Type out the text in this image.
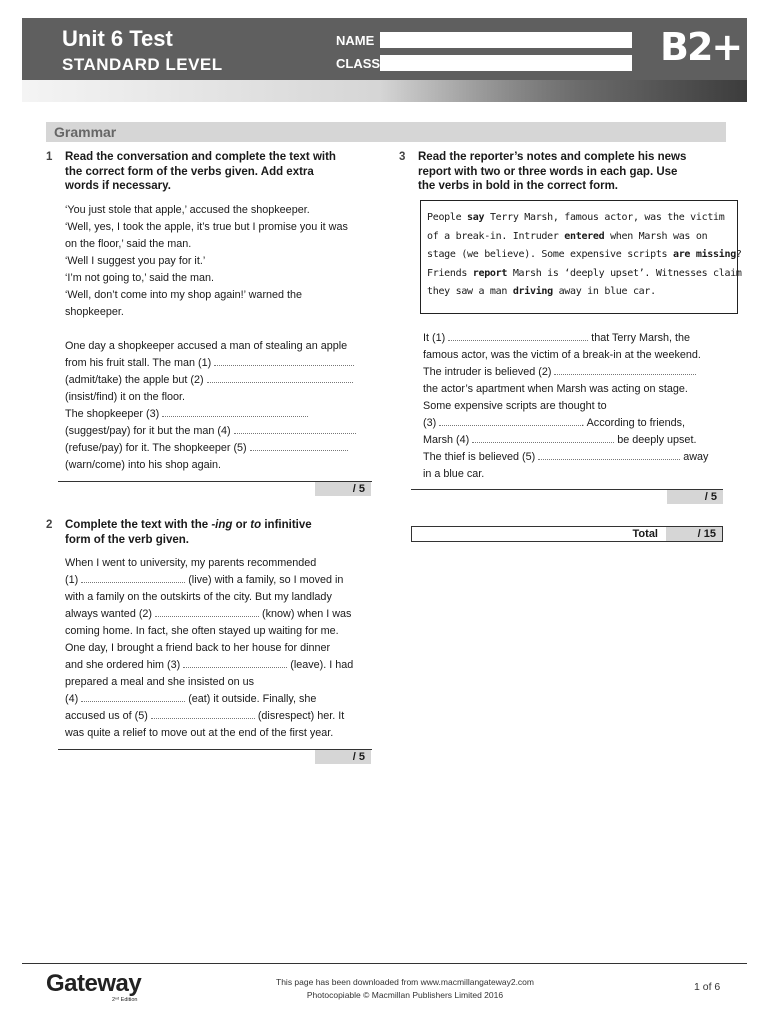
Unit 6 Test
STANDARD LEVEL
NAME
CLASS	B2+
Grammar
1 Read the conversation and complete the text with

the correct form of the verbs given. Add extra

words if necessary.

‘You just stole that apple,’ accused the shopkeeper.

‘Well, yes, I took the apple, it’s true but I promise you it was

on the floor,’ said the man.

‘Well I suggest you pay for it.’

‘I’m not going to,’ said the man.

‘Well, don’t come into my shop again!’ warned the

shopkeeper.

One day a shopkeeper accused a man of stealing an apple

from his fruit stall. The man (1)

(admit/take) the apple but (2)

(insist/find) it on the floor.

The shopkeeper (3)

(suggest/pay) for it but the man (4)

(refuse/pay) for it. The shopkeeper (5)

(warn/come) into his shop again.

/ 5
2 Complete the text with the -ing or to infinitive

form of the verb given.

When I went to university, my parents recommended

(1)	(live) with a family, so I moved in

with a family on the outskirts of the city. But my landlady

always wanted (2)	(know) when I was

coming home. In fact, she often stayed up waiting for me.

One day, I brought a friend back to her house for dinner

and she ordered him (3)	(leave). I had

prepared a meal and she insisted on us

(4)	(eat) it outside. Finally, she

accused us of (5)	(disrespect) her. It

was quite a relief to move out at the end of the first year.

/ 5
3 Read the reporter’s notes and complete his news

report with two or three words in each gap. Use

the verbs in bold in the correct form.

People say Terry Marsh, famous actor, was the victim

of a break-in. Intruder entered when Marsh was on

stage (we believe). Some expensive scripts are missing?

Friends report Marsh is ‘deeply upset’. Witnesses claim

they saw a man driving away in blue car.

It (1)	that Terry Marsh, the

famous actor, was the victim of a break-in at the weekend.

The intruder is believed (2)

the actor’s apartment when Marsh was acting on stage.

Some expensive scripts are thought to

(3)	. According to friends,

Marsh (4)	be deeply upset.

The thief is believed (5)	away

in a blue car.

/ 5
Total	/ 15
Gateway
2ⁿᵈ Edition
This page has been downloaded from www.macmillangateway2.com
Photocopiable © Macmillan Publishers Limited 2016
1 of 6
